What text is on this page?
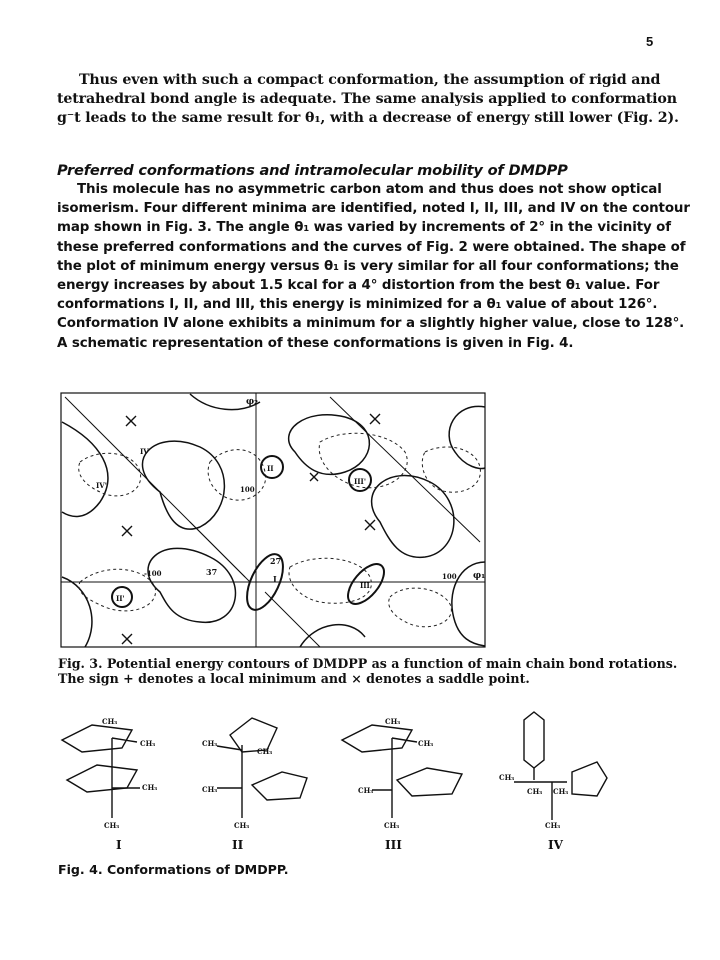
5

Thus even with such a compact conformation, the assumption of rigid and tetrahedral bond angle is adequate. The same analysis applied to conformation g⁻t leads to the same result for θ₁, with a decrease of energy still lower (Fig. 2).

Preferred conformations and intramolecular mobility of DMDPP

This molecule has no asymmetric carbon atom and thus does not show optical isomerism. Four different minima are identified, noted I, II, III, and IV on the contour map shown in Fig. 3. The angle θ₁ was varied by increments of 2° in the vicinity of these preferred conformations and the curves of Fig. 2 were obtained. The shape of the plot of minimum energy versus θ₁ is very similar for all four conformations; the energy increases by about 1.5 kcal for a 4° distortion from the best θ₁ value. For conformations I, II, and III, this energy is minimized for a θ₁ value of about 126°. Conformation IV alone exhibits a minimum for a slightly higher value, close to 128°. A schematic representation of these conformations is given in Fig. 4.

φ₂
φ₁
100
-100	100
37
27
I
II'
II
III'
III
IV
IV'
Fig. 3. Potential energy contours of DMDPP as a function of main chain bond rotations. The sign + denotes a local minimum and ⨯ denotes a saddle point.
CH₃
CH₃
CH₃
CH₃
CH₃
CH₃
CH₃
CH₃
CH₃
CH₃
CH₃
CH₃
CH₃
CH₃ CH₃
CH₃
I	II	III	IV
Fig. 4. Conformations of DMDPP.
